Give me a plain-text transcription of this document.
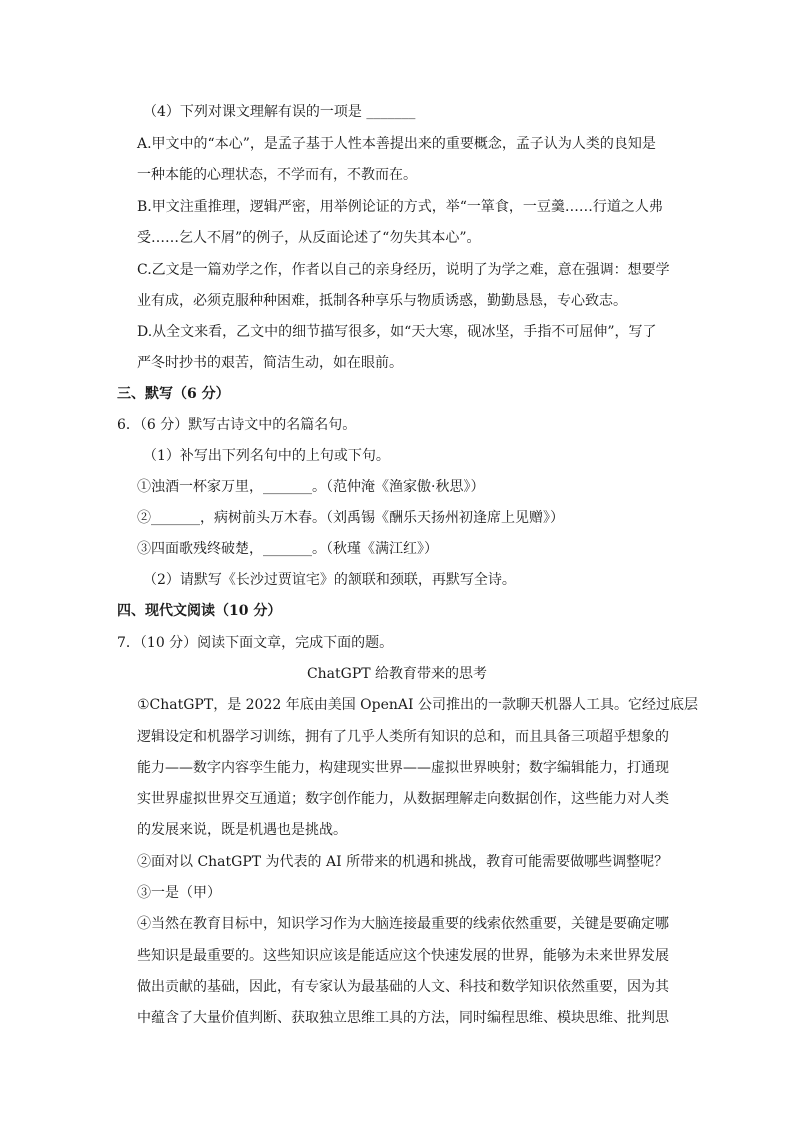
（4）下列对课文理解有误的一项是 _______
A.甲文中的“本心”，是孟子基于人性本善提出来的重要概念，孟子认为人类的良知是
一种本能的心理状态，不学而有，不教而在。
B.甲文注重推理，逻辑严密，用举例论证的方式，举“一箪食，一豆羹……行道之人弗
受……乞人不屑”的例子，从反面论述了“勿失其本心”。
C.乙文是一篇劝学之作，作者以自己的亲身经历，说明了为学之难，意在强调：想要学
业有成，必须克服种种困难，抵制各种享乐与物质诱惑，勤勤恳恳，专心致志。
D.从全文来看，乙文中的细节描写很多，如“天大寒，砚冰坚，手指不可屈伸”，写了
严冬时抄书的艰苦，简洁生动，如在眼前。
三、默写（6 分）
6．（6 分）默写古诗文中的名篇名句。
（1）补写出下列名句中的上句或下句。
①浊酒一杯家万里，_______。（范仲淹《渔家傲·秋思》）
②_______，病树前头万木春。（刘禹锡《酬乐天扬州初逢席上见赠》）
③四面歌残终破楚，_______。（秋瑾《满江红》）
（2）请默写《长沙过贾谊宅》的颔联和颈联，再默写全诗。
四、现代文阅读（10 分）
7．（10 分）阅读下面文章，完成下面的题。
ChatGPT 给教育带来的思考
①ChatGPT，是 2022 年底由美国 OpenAI 公司推出的一款聊天机器人工具。它经过底层
逻辑设定和机器学习训练，拥有了几乎人类所有知识的总和，而且具备三项超乎想象的
能力——数字内容孪生能力，构建现实世界——虚拟世界映射；数字编辑能力，打通现
实世界虚拟世界交互通道；数字创作能力，从数据理解走向数据创作，这些能力对人类
的发展来说，既是机遇也是挑战。
②面对以 ChatGPT 为代表的 AI 所带来的机遇和挑战，教育可能需要做哪些调整呢？
③一是（甲）
④当然在教育目标中，知识学习作为大脑连接最重要的线索依然重要，关键是要确定哪
些知识是最重要的。这些知识应该是能适应这个快速发展的世界，能够为未来世界发展
做出贡献的基础，因此，有专家认为最基础的人文、科技和数学知识依然重要，因为其
中蕴含了大量价值判断、获取独立思维工具的方法，同时编程思维、模块思维、批判思
